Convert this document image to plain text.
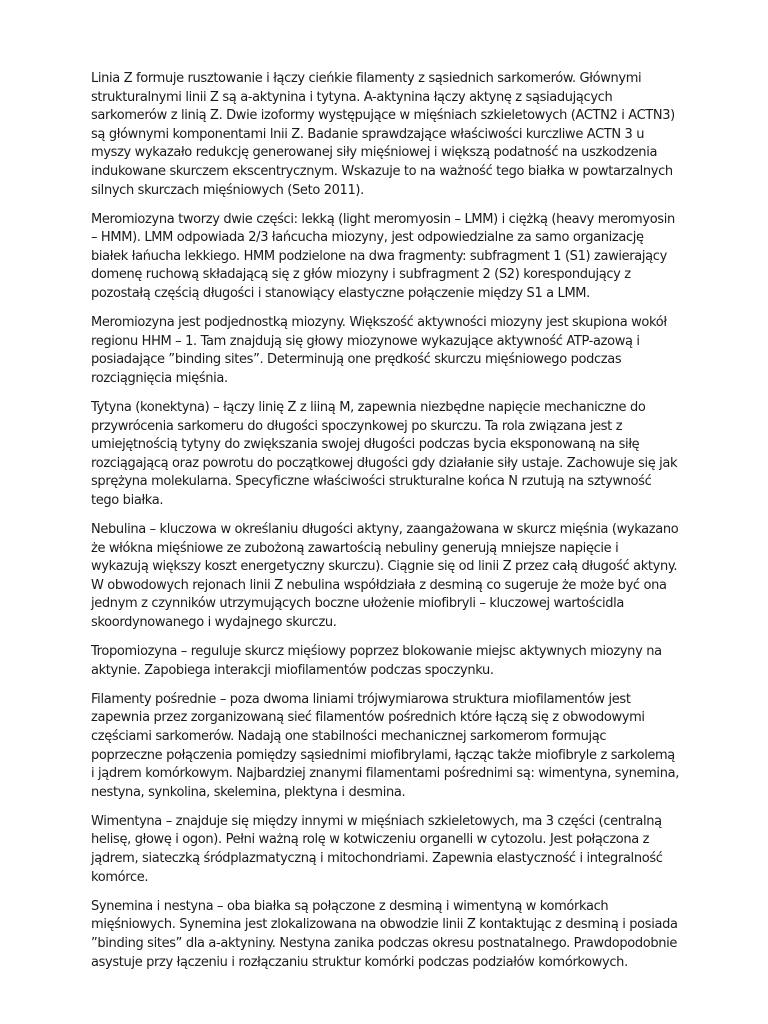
Linia Z formuje rusztowanie i łączy cieńkie filamenty z sąsiednich sarkomerów. Głównymi strukturalnymi linii Z są a-aktynina i tytyna. A-aktynina łączy aktynę z sąsiadujących sarkomerów z linią Z. Dwie izoformy występujące w mięśniach szkieletowych (ACTN2 i ACTN3) są głównymi komponentami lnii Z. Badanie sprawdzające właściwości kurczliwe ACTN 3 u myszy wykazało redukcję generowanej siły mięśniowej i większą podatność na uszkodzenia indukowane skurczem ekscentrycznym. Wskazuje to na ważność tego białka w powtarzalnych silnych skurczach mięśniowych (Seto 2011).

Meromiozyna tworzy dwie części: lekką (light meromyosin – LMM) i ciężką (heavy meromyosin – HMM). LMM odpowiada 2/3 łańcucha miozyny, jest odpowiedzialne za samo organizację białek łańucha lekkiego. HMM podzielone na dwa fragmenty: subfragment 1 (S1) zawierający domenę ruchową składającą się z głów miozyny i subfragment 2 (S2) korespondujący z pozostałą częścią długości i stanowiący elastyczne połączenie między S1 a LMM.

Meromiozyna jest podjednostką miozyny. Większość aktywności miozyny jest skupiona wokół regionu HHM – 1. Tam znajdują się głowy miozynowe wykazujące aktywność ATP-azową i posiadające ”binding sites”. Determinują one prędkość skurczu mięśniowego podczas rozciągnięcia mięśnia.

Tytyna (konektyna) – łączy linię Z z liiną M, zapewnia niezbędne napięcie mechaniczne do przywrócenia sarkomeru do długości spoczynkowej po skurczu. Ta rola związana jest z umiejętnością tytyny do zwiększania swojej długości podczas bycia eksponowaną na siłę rozciągającą oraz powrotu do początkowej długości gdy działanie siły ustaje. Zachowuje się jak sprężyna molekularna. Specyficzne właściwości strukturalne końca N rzutują na sztywność tego białka.

Nebulina – kluczowa w określaniu długości aktyny, zaangażowana w skurcz mięśnia (wykazano że włókna mięśniowe ze zubożoną zawartością nebuliny generują mniejsze napięcie i wykazują większy koszt energetyczny skurczu). Ciągnie się od linii Z przez całą długość aktyny. W obwodowych rejonach linii Z nebulina współdziała z desminą co sugeruje że może być ona jednym z czynników utrzymujących boczne ułożenie miofibryli – kluczowej wartościdla skoordynowanego i wydajnego skurczu.

Tropomiozyna – reguluje skurcz mięśiowy poprzez blokowanie miejsc aktywnych miozyny na aktynie. Zapobiega interakcji miofilamentów podczas spoczynku.

Filamenty pośrednie – poza dwoma liniami trójwymiarowa struktura miofilamentów jest zapewnia przez zorganizowaną sieć filamentów pośrednich które łączą się z obwodowymi częściami sarkomerów. Nadają one stabilności mechanicznej sarkomerom formując poprzeczne połączenia pomiędzy sąsiednimi miofibrylami, łącząc także miofibryle z sarkolemą i jądrem komórkowym. Najbardziej znanymi filamentami pośrednimi są: wimentyna, synemina, nestyna, synkolina, skelemina, plektyna i desmina.

Wimentyna – znajduje się między innymi w mięśniach szkieletowych, ma 3 części (centralną helisę, głowę i ogon). Pełni ważną rolę w kotwiczeniu organelli w cytozolu. Jest połączona z jądrem, siateczką śródplazmatyczną i mitochondriami. Zapewnia elastyczność i integralność komórce.

Synemina i nestyna – oba białka są połączone z desminą i wimentyną w komórkach mięśniowych. Synemina jest zlokalizowana na obwodzie linii Z kontaktując z desminą i posiada ”binding sites” dla a-aktyniny. Nestyna zanika podczas okresu postnatalnego. Prawdopodobnie asystuje przy łączeniu i rozłączaniu struktur komórki podczas podziałów komórkowych.
